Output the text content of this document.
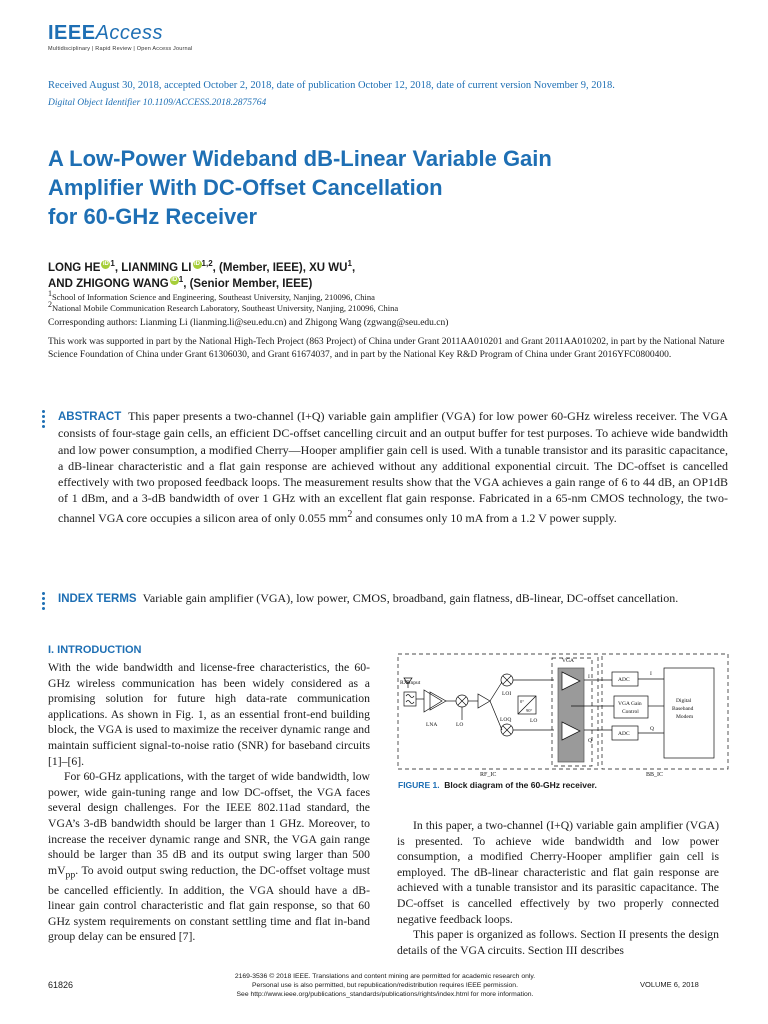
IEEEAccess
Multidisciplinary | Rapid Review | Open Access Journal
Received August 30, 2018, accepted October 2, 2018, date of publication October 12, 2018, date of current version November 9, 2018.
Digital Object Identifier 10.1109/ACCESS.2018.2875764
A Low-Power Wideband dB-Linear Variable Gain
Amplifier With DC-Offset Cancellation
for 60-GHz Receiver
LONG HE iD $^1$, LIANMING LI iD $^{1,2}$, (Member, IEEE), XU $WU^1$,
AND ZHIGONG WANG iD $^1$, (Senior Member, IEEE)
1School of Information Science and Engineering, Southeast University, Nanjing, 210096, China
2National Mobile Communication Research Laboratory, Southeast University, Nanjing, 210096, China
Corresponding authors: Lianming Li (lianming.li@seu.edu.cn) and Zhigong Wang (zgwang@seu.edu.cn)
This work was supported in part by the National High-Tech Project (863 Project) of China under Grant 2011AA010201 and Grant 2011AA010202, in part by the National Nature Science Foundation of China under Grant 61306030, and Grant 61674037, and in part by the National Key R&D Program of China under Grant 2016YFC0800400.
ABSTRACT This paper presents a two-channel (I+Q) variable gain amplifier (VGA) for low power 60-GHz wireless receiver. The VGA consists of four-stage gain cells, an efficient DC-offset cancelling circuit and an output buffer for test purposes. To achieve wide bandwidth and low power consumption, a modified Cherry—Hooper amplifier gain cell is used. With a tunable transistor and its parasitic capacitance, a dB-linear characteristic and a flat gain response are achieved without any additional exponential circuit. The DC-offset is cancelled effectively with two proposed feedback loops. The measurement results show that the VGA achieves a gain range of 6 to 44 dB, an OP1dB of 1 dBm, and a 3-dB bandwidth of over 1 GHz with an excellent flat gain response. Fabricated in a 65-nm CMOS technology, the two-channel VGA core occupies a silicon area of only 0.055 $mm^2$ and consumes only 10 mA from a 1.2 V power supply.
INDEX TERMS Variable gain amplifier (VGA), low power, CMOS, broadband, gain flatness, dB-linear, DC-offset cancellation.
I. INTRODUCTION

With the wide bandwidth and license-free characteristics, the 60-GHz wireless communication has been widely considered as a promising solution for future high data-rate communication applications. As shown in Fig. 1, as an essential front-end building block, the VGA is used to maximize the receiver dynamic range and maintain sufficient signal-to-noise ratio (SNR) for baseband circuits [1]–[6].

For 60-GHz applications, with the target of wide bandwidth, low power, wide gain-tuning range and low DC-offset, the VGA faces several design challenges. For the IEEE 802.11ad standard, the VGA’s 3-dB bandwidth should be larger than 1 GHz. Moreover, to increase the receiver dynamic range and SNR, the VGA gain range should be larger than 35 dB and its output swing larger than 500 $mV_{pp}$. To avoid output swing reduction, the DC-offset voltage must be cancelled efficiently. In addition, the VGA should have a dB-linear gain control characteristic and flat gain response, so that 60 GHz system requirements on constant settling time and flat in-band group delay can be ensured [7].

RX input
LNA	LO
LOI
LOQ
0°
90°
LO
VGA
I
Q
ADC
ADC
VGA Gain
Control
Digital
Baseband
Modem
I
Q
RF_IC	BB_IC
FIGURE 1. Block diagram of the 60-GHz receiver.

In this paper, a two-channel (I+Q) variable gain amplifier (VGA) is presented. To achieve wide bandwidth and low power consumption, a modified Cherry-Hooper amplifier gain cell is employed. The dB-linear characteristic and flat gain response are achieved with a tunable transistor and its parasitic capacitance. The DC-offset is cancelled effectively by two properly connected negative feedback loops.

This paper is organized as follows. Section II presents the design details of the VGA circuits. Section III describes

61826
2169-3536 © 2018 IEEE. Translations and content mining are permitted for academic research only.
Personal use is also permitted, but republication/redistribution requires IEEE permission.
See http://www.ieee.org/publications_standards/publications/rights/index.html for more information.
VOLUME 6, 2018
